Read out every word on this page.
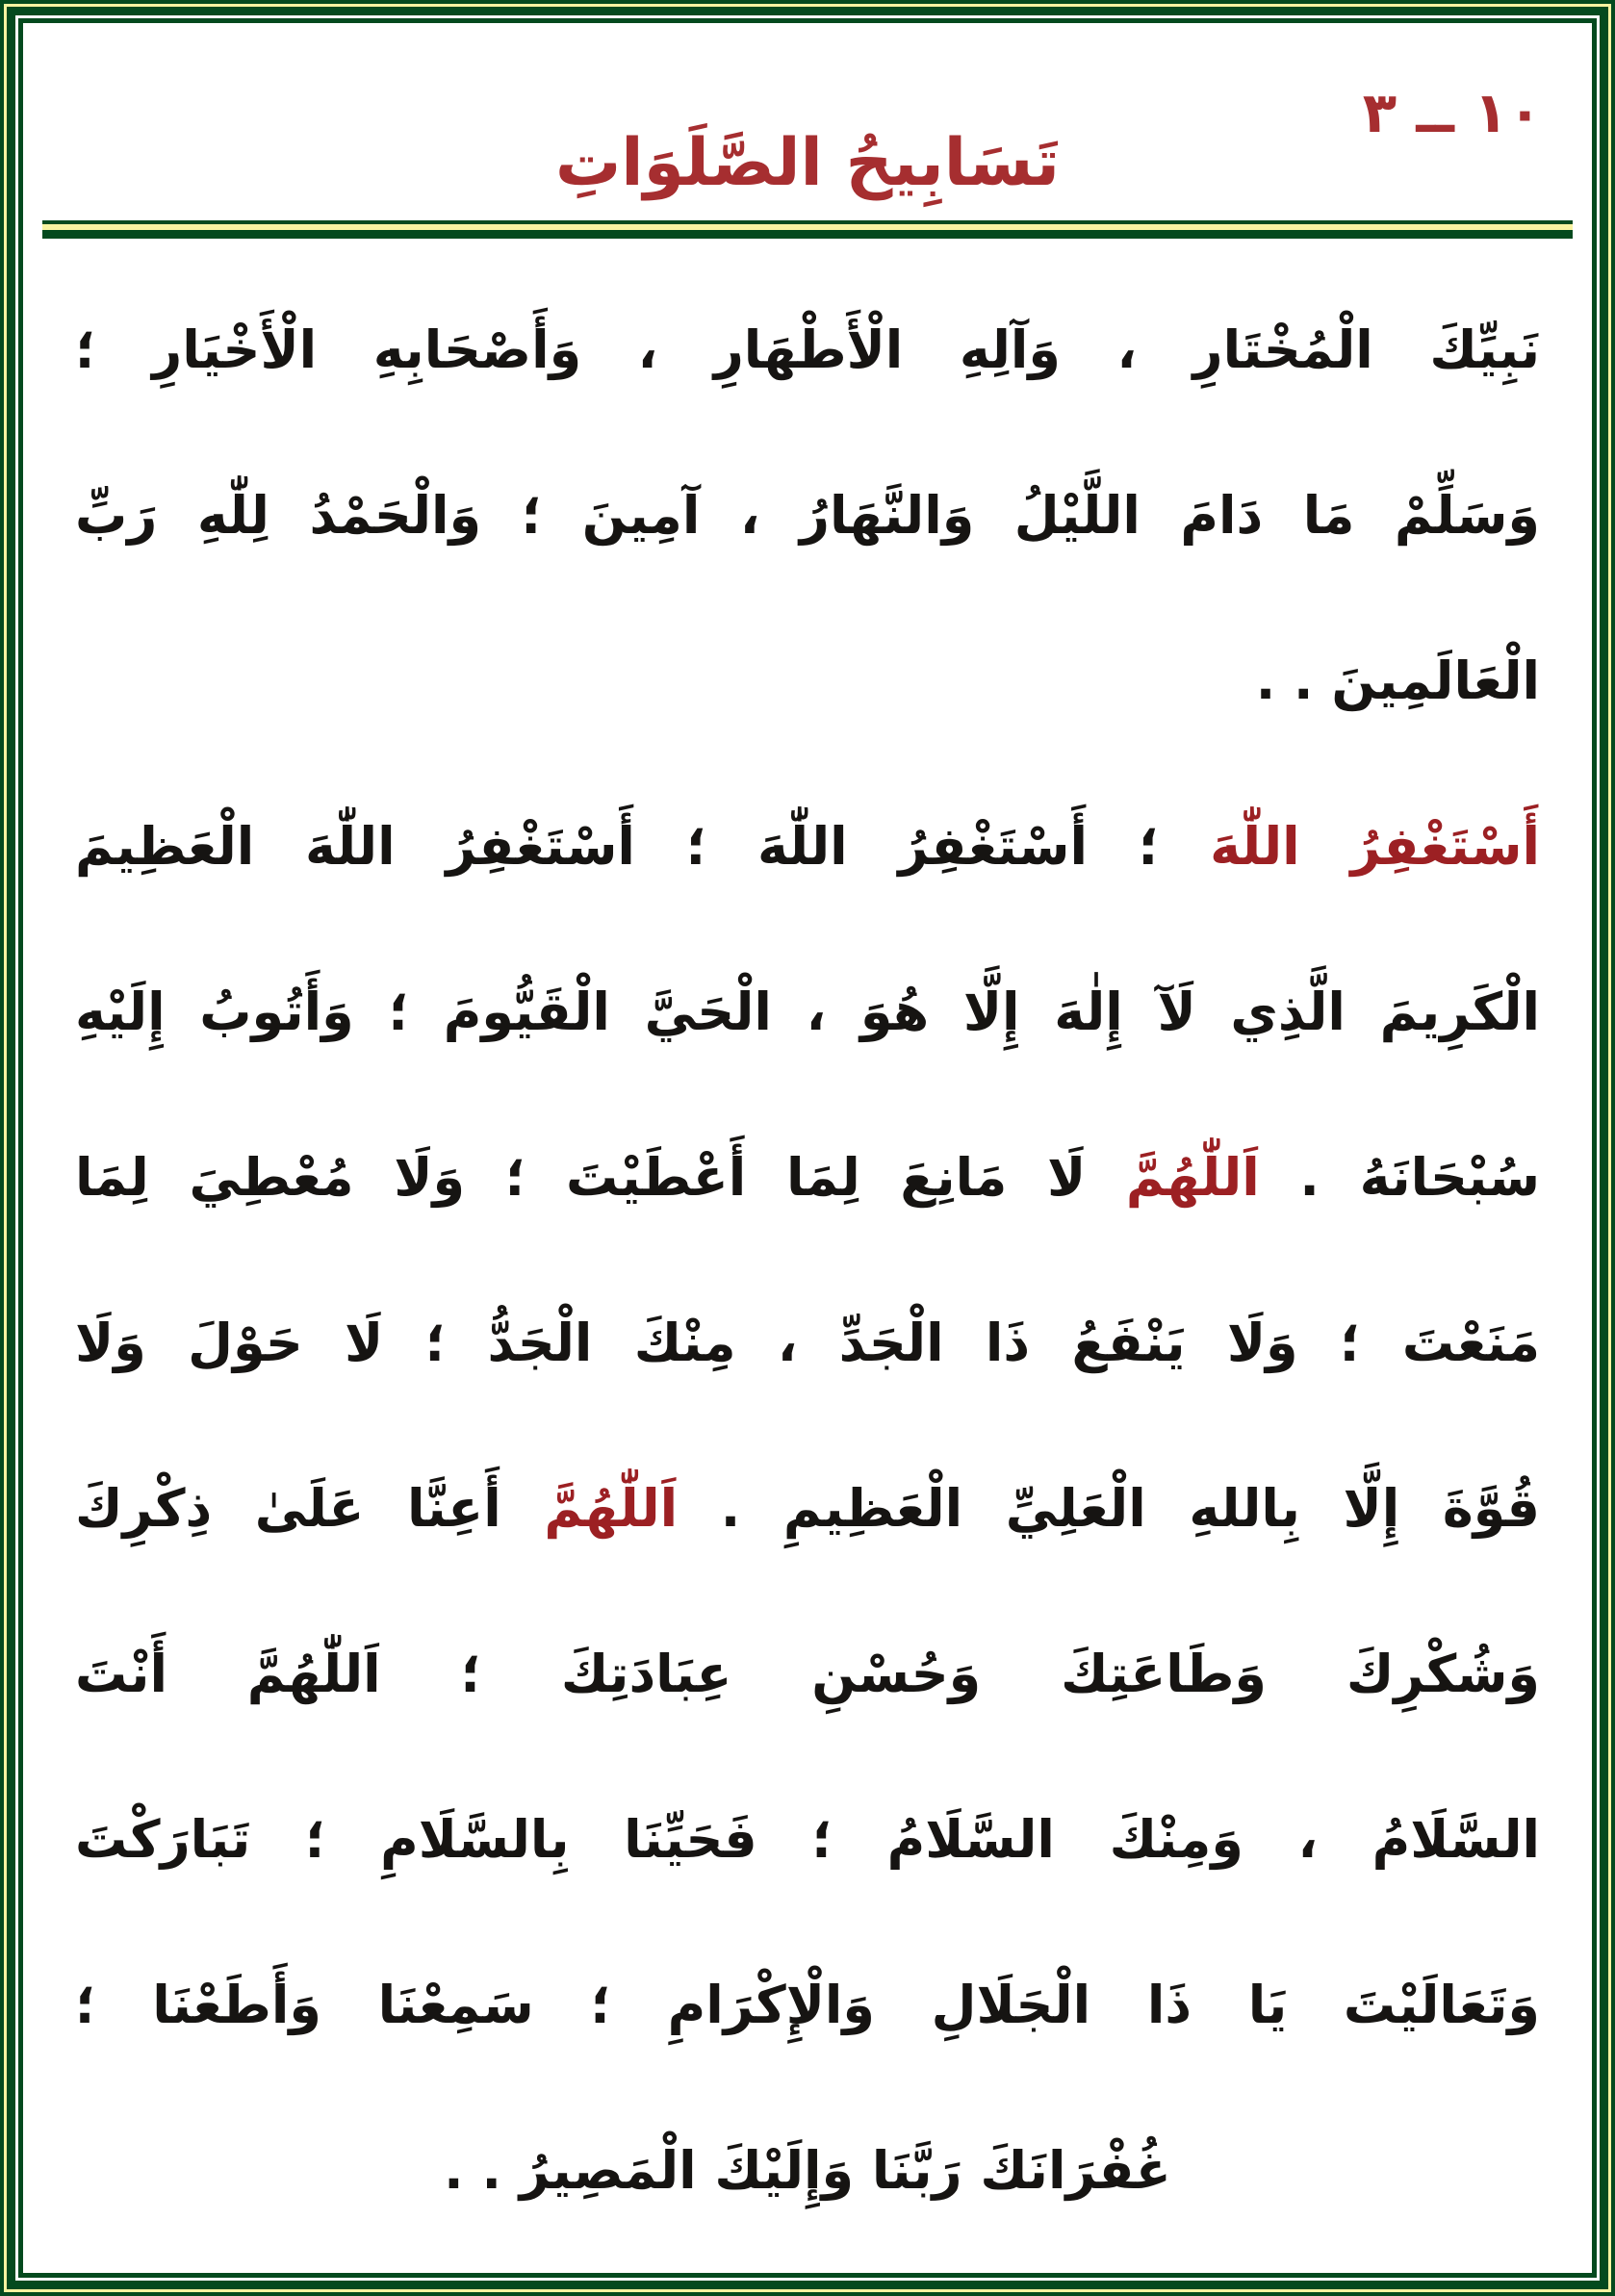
١٠ ــ ٣
تَسَابِيحُ الصَّلَوَاتِ
نَبِيِّكَ الْمُخْتَارِ ، وَآلِهِ الْأَطْهَارِ ، وَأَصْحَابِهِ الْأَخْيَارِ ؛
وَسَلِّمْ مَا دَامَ اللَّيْلُ وَالنَّهَارُ ، آمِينَ ؛ وَالْحَمْدُ لِلّٰهِ رَبِّ
الْعَالَمِينَ . .
أَسْتَغْفِرُ اللّٰهَ ؛ أَسْتَغْفِرُ اللّٰهَ ؛ أَسْتَغْفِرُ اللّٰهَ الْعَظِيمَ
الْكَرِيمَ الَّذِي لَآ إِلٰهَ إِلَّا هُوَ ، الْحَيَّ الْقَيُّومَ ؛ وَأَتُوبُ إِلَيْهِ
سُبْحَانَهُ . اَللّٰهُمَّ لَا مَانِعَ لِمَا أَعْطَيْتَ ؛ وَلَا مُعْطِيَ لِمَا
مَنَعْتَ ؛ وَلَا يَنْفَعُ ذَا الْجَدِّ ، مِنْكَ الْجَدُّ ؛ لَا حَوْلَ وَلَا
قُوَّةَ إِلَّا بِاللهِ الْعَلِيِّ الْعَظِيمِ . اَللّٰهُمَّ أَعِنَّا عَلَىٰ ذِكْرِكَ
وَشُكْرِكَ وَطَاعَتِكَ وَحُسْنِ عِبَادَتِكَ ؛ اَللّٰهُمَّ أَنْتَ
السَّلَامُ ، وَمِنْكَ السَّلَامُ ؛ فَحَيِّنَا بِالسَّلَامِ ؛ تَبَارَكْتَ
وَتَعَالَيْتَ يَا ذَا الْجَلَالِ وَالْإِكْرَامِ ؛ سَمِعْنَا وَأَطَعْنَا ؛
غُفْرَانَكَ رَبَّنَا وَإِلَيْكَ الْمَصِيرُ . .
